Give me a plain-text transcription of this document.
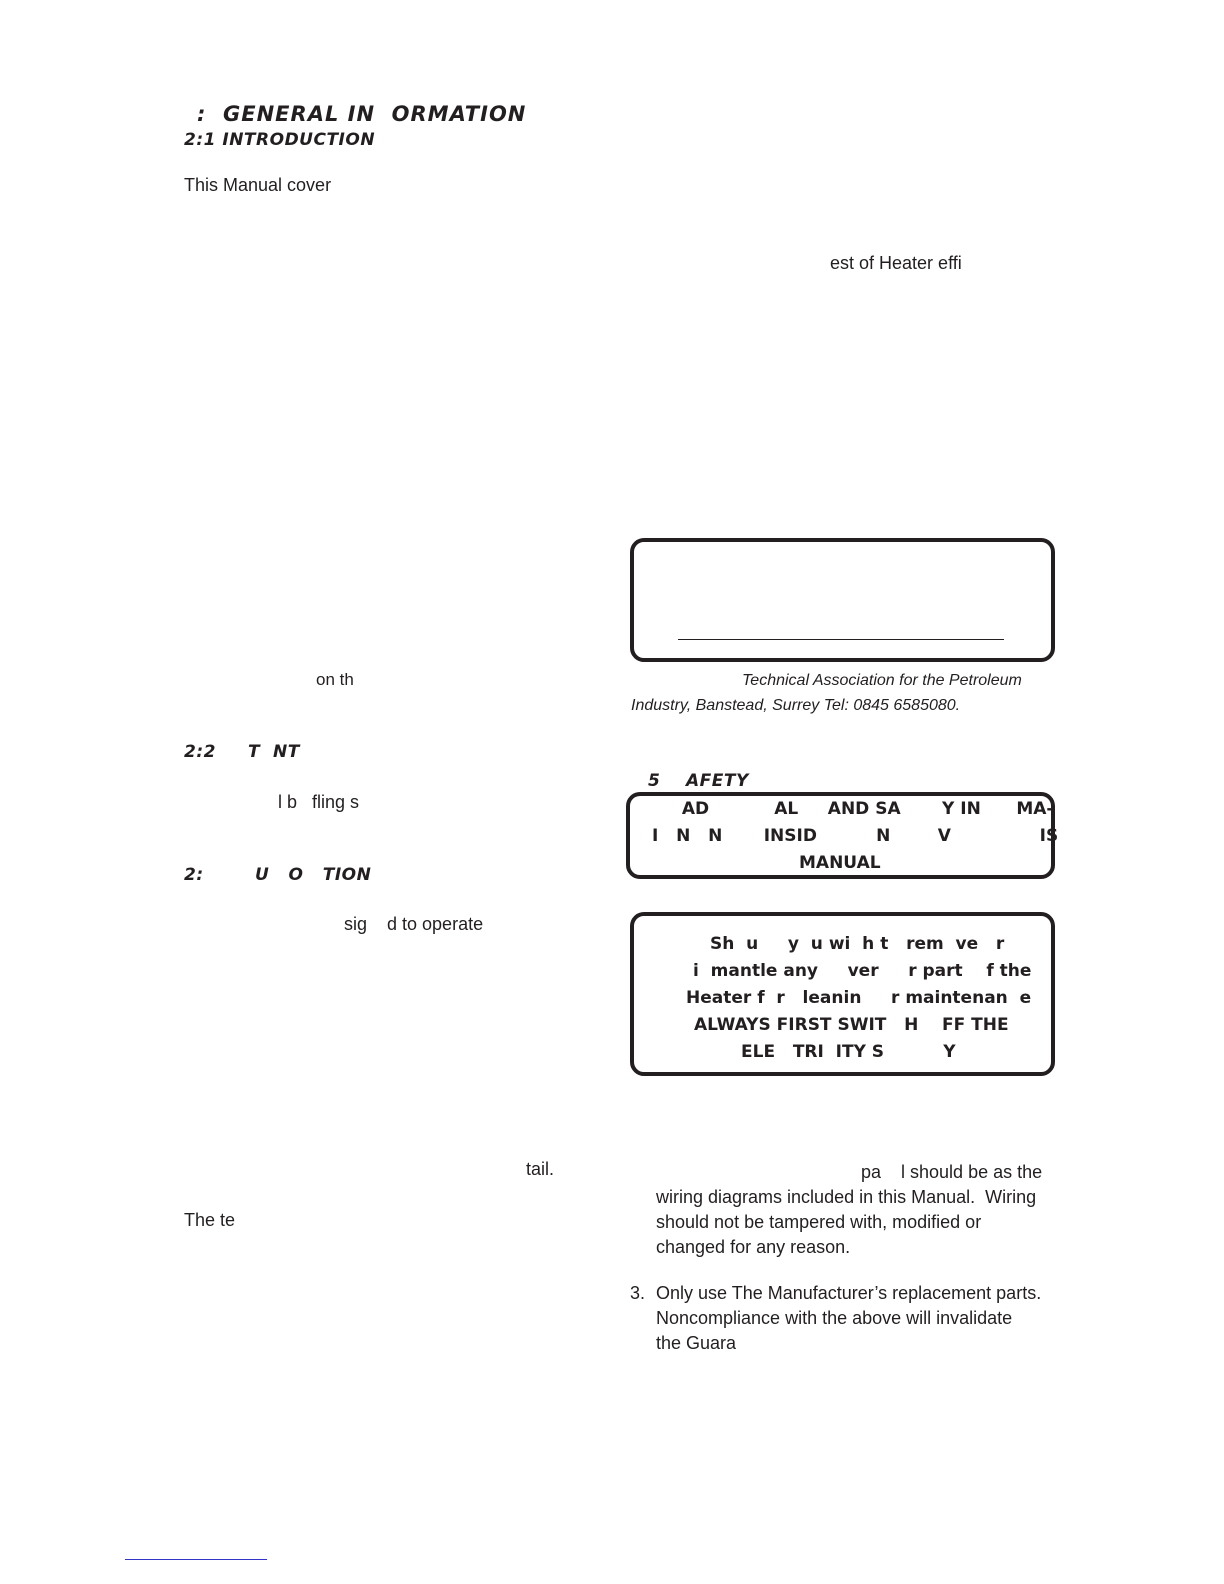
:  GENERAL IN  ORMATION
2:1 INTRODUCTION
This Manual cover
on th
2:2     T  NT
l b   fling s
2:        U   O   TION
sig    d to operate
tail.
The te
est of Heater effi
Technical Association for the Petroleum
Industry, Banstead, Surrey Tel: 0845 6585080.
5    AFETY
AD           AL     AND SA       Y IN      MA-
I   N   N       INSID          N        V               IS
MANUAL
Sh  u     y  u wi  h t   rem  ve   r
i  mantle any     ver     r part    f the
Heater f  r   leanin     r maintenan  e
ALWAYS FIRST SWIT   H    FF THE
ELE   TRI  ITY S          Y
pa    l should be as the
wiring diagrams included in this Manual.  Wiring
should not be tampered with, modified or
changed for any reason.
3. Only use The Manufacturer’s replacement parts.
Noncompliance with the above will invalidate
the Guara
